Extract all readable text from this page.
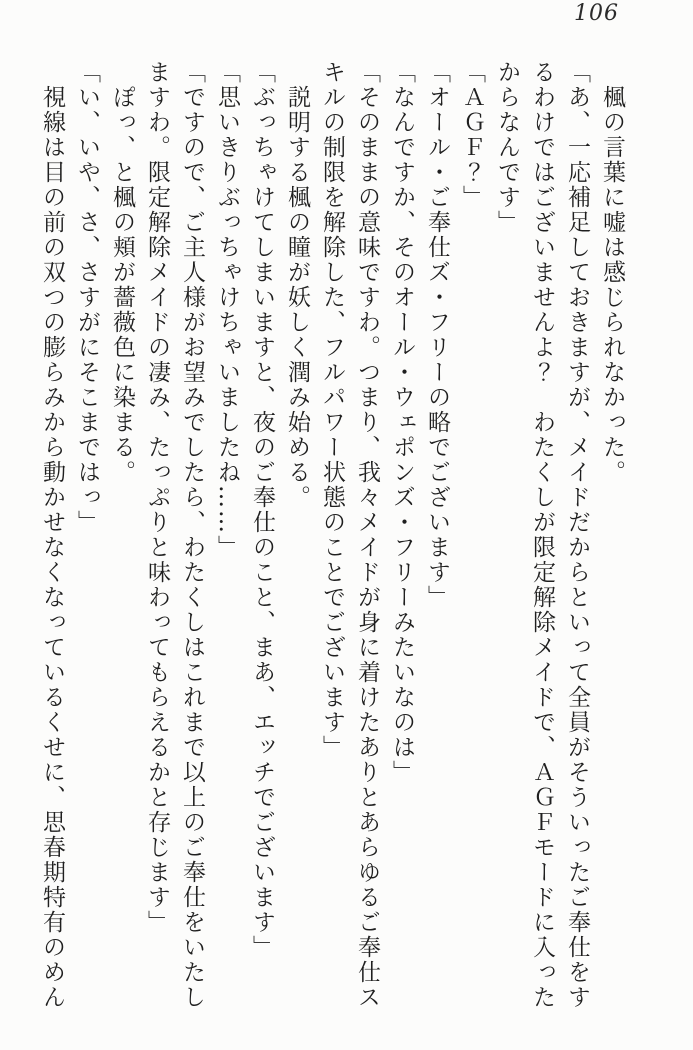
106

　楓の言葉に嘘は感じられなかった。

「あ、一応補足しておきますが、メイドだからといって全員がそういったご奉仕をす

るわけではございませんよ？　わたくしが限定解除メイドで、ＡＧＦモードに入った

からなんです」

「ＡＧＦ？」

「オール・ご奉仕ズ・フリーの略でございます」

「なんですか、そのオール・ウェポンズ・フリーみたいなのは」

「そのままの意味ですわ。つまり、我々メイドが身に着けたありとあらゆるご奉仕ス

キルの制限を解除した、フルパワー状態のことでございます」

　説明する楓の瞳が妖しく潤み始める。

「ぶっちゃけてしまいますと、夜のご奉仕のこと、まあ、エッチでございます」

「思いきりぶっちゃけちゃいましたね……」

「ですので、ご主人様がお望みでしたら、わたくしはこれまで以上のご奉仕をいたし

ますわ。限定解除メイドの凄み、たっぷりと味わってもらえるかと存じます」

　ぽっ、と楓の頬が薔薇色に染まる。

「い、いや、さ、さすがにそこまではっ」

　視線は目の前の双つの膨らみから動かせなくなっているくせに、思春期特有のめん
